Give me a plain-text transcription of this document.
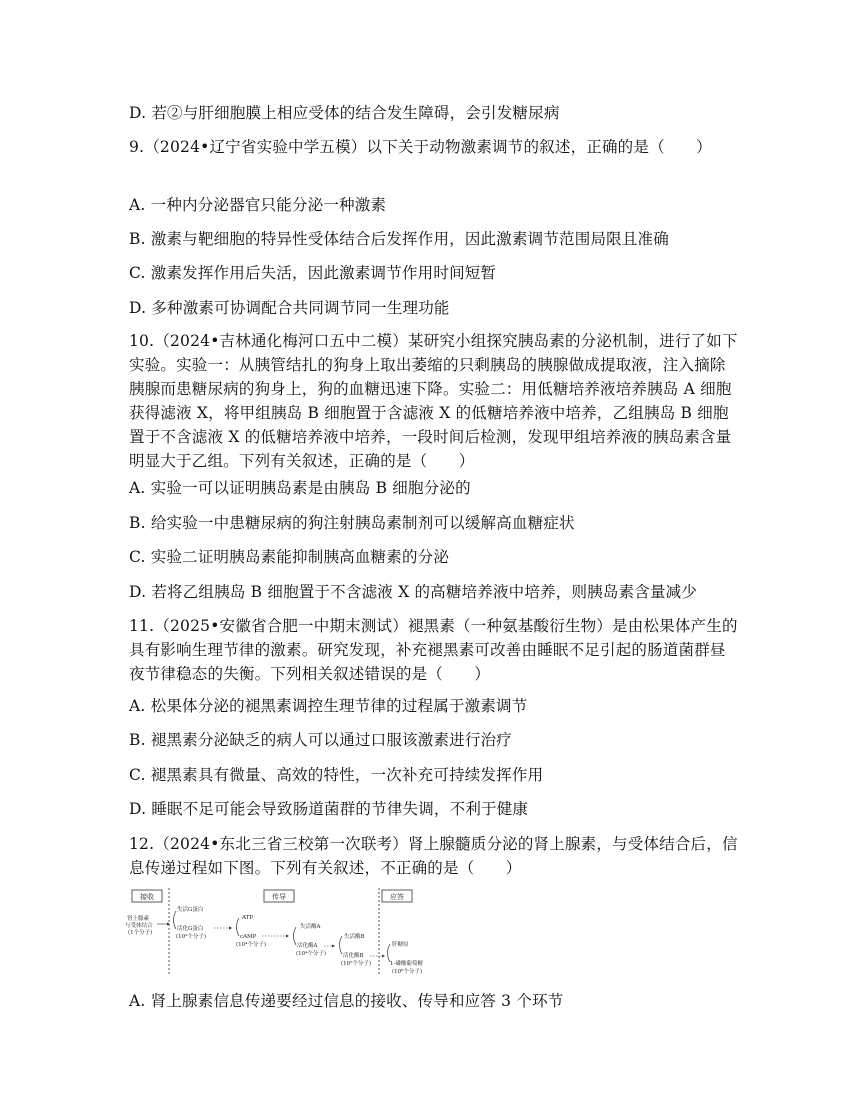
D. 若②与肝细胞膜上相应受体的结合发生障碍，会引发糖尿病
9.（2024•辽宁省实验中学五模）以下关于动物激素调节的叙述，正确的是（　　）
A. 一种内分泌器官只能分泌一种激素
B. 激素与靶细胞的特异性受体结合后发挥作用，因此激素调节范围局限且准确
C. 激素发挥作用后失活，因此激素调节作用时间短暂
D. 多种激素可协调配合共同调节同一生理功能
10.（2024•吉林通化梅河口五中二模）某研究小组探究胰岛素的分泌机制，进行了如下实验。实验一：从胰管结扎的狗身上取出萎缩的只剩胰岛的胰腺做成提取液，注入摘除胰腺而患糖尿病的狗身上，狗的血糖迅速下降。实验二：用低糖培养液培养胰岛 A 细胞获得滤液 X，将甲组胰岛 B 细胞置于含滤液 X 的低糖培养液中培养，乙组胰岛 B 细胞置于不含滤液 X 的低糖培养液中培养，一段时间后检测，发现甲组培养液的胰岛素含量明显大于乙组。下列有关叙述，正确的是（　　）
A. 实验一可以证明胰岛素是由胰岛 B 细胞分泌的
B. 给实验一中患糖尿病的狗注射胰岛素制剂可以缓解高血糖症状
C. 实验二证明胰岛素能抑制胰高血糖素的分泌
D. 若将乙组胰岛 B 细胞置于不含滤液 X 的高糖培养液中培养，则胰岛素含量减少
11.（2025•安徽省合肥一中期末测试）褪黑素（一种氨基酸衍生物）是由松果体产生的具有影响生理节律的激素。研究发现，补充褪黑素可改善由睡眠不足引起的肠道菌群昼夜节律稳态的失衡。下列相关叙述错误的是（　　）
A. 松果体分泌的褪黑素调控生理节律的过程属于激素调节
B. 褪黑素分泌缺乏的病人可以通过口服该激素进行治疗
C. 褪黑素具有微量、高效的特性，一次补充可持续发挥作用
D. 睡眠不足可能会导致肠道菌群的节律失调，不利于健康
12.（2024•东北三省三校第一次联考）肾上腺髓质分泌的肾上腺素，与受体结合后，信息传递过程如下图。下列有关叙述，不正确的是（　　）
接收	传导	应答
肾上腺素
与受体结合
(1个分子)
失活G蛋白
活化G蛋白
(10²个分子)
ATP
cAMP
(10⁴个分子)
失活酶A
活化酶A
(10⁴个分子)
失活酶B
活化酶B
(10⁵个分子)
肝糖原
1-磷酸葡萄糖
(10⁸个分子)
A. 肾上腺素信息传递要经过信息的接收、传导和应答 3 个环节
